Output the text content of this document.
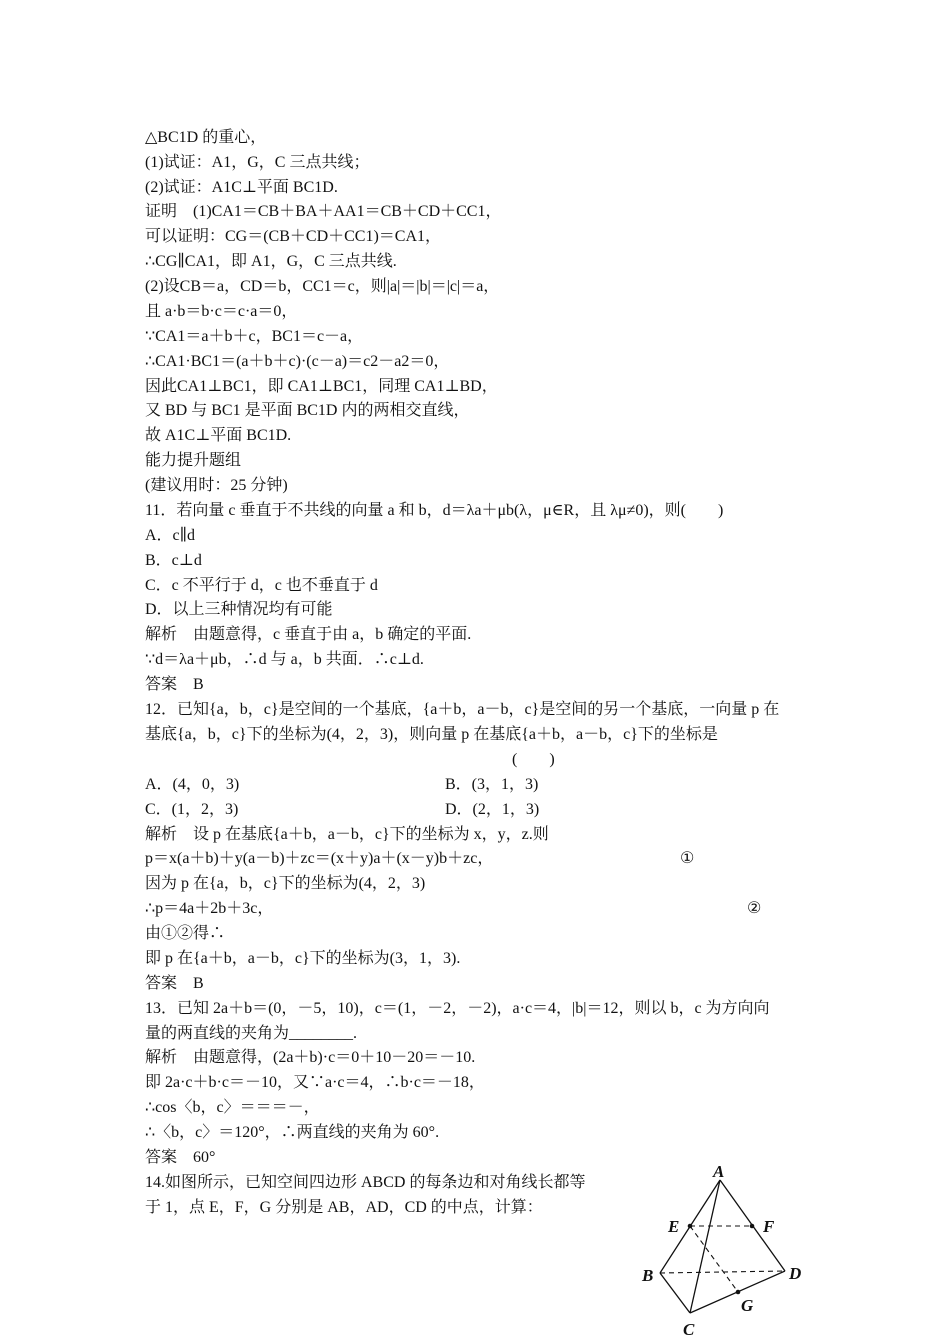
△BC1D 的重心，
(1)试证：A1，G，C 三点共线；
(2)试证：A1C⊥平面 BC1D.
证明　(1)CA1＝CB＋BA＋AA1＝CB＋CD＋CC1，
可以证明：CG＝(CB＋CD＋CC1)＝CA1，
∴CG∥CA1，即 A1，G，C 三点共线.
(2)设CB＝a，CD＝b，CC1＝c，则|a|＝|b|＝|c|＝a，
且 a·b＝b·c＝c·a＝0，
∵CA1＝a＋b＋c，BC1＝c－a，
∴CA1·BC1＝(a＋b＋c)·(c－a)＝c2－a2＝0，
因此CA1⊥BC1，即 CA1⊥BC1，同理 CA1⊥BD，
又 BD 与 BC1 是平面 BC1D 内的两相交直线，
故 A1C⊥平面 BC1D.
能力提升题组
(建议用时：25 分钟)
11．若向量 c 垂直于不共线的向量 a 和 b，d＝λa＋μb(λ，μ∈R，且 λμ≠0)，则(　　)
A．c∥d
B．c⊥d
C．c 不平行于 d，c 也不垂直于 d
D．以上三种情况均有可能
解析　由题意得，c 垂直于由 a，b 确定的平面.
∵d＝λa＋μb，∴d 与 a，b 共面．∴c⊥d.
答案　B
12．已知{a，b，c}是空间的一个基底，{a＋b，a－b，c}是空间的另一个基底，一向量 p 在
基底{a，b，c}下的坐标为(4，2，3)，则向量 p 在基底{a＋b，a－b，c}下的坐标是
(　　)
A．(4，0，3)	B．(3，1，3)
C．(1，2，3)	D．(2，1，3)
解析　设 p 在基底{a＋b，a－b，c}下的坐标为 x，y，z.则
p＝x(a＋b)＋y(a－b)＋zc＝(x＋y)a＋(x－y)b＋zc，	①
因为 p 在{a，b，c}下的坐标为(4，2，3)
∴p＝4a＋2b＋3c，	②
由①②得∴
即 p 在{a＋b，a－b，c}下的坐标为(3，1，3).
答案　B
13．已知 2a＋b＝(0，－5，10)，c＝(1，－2，－2)，a·c＝4，|b|＝12，则以 b，c 为方向向
量的两直线的夹角为________.
解析　由题意得，(2a＋b)·c＝0＋10－20＝－10.
即 2a·c＋b·c＝－10，又∵a·c＝4，∴b·c＝－18，
∴cos〈b，c〉＝＝＝－，
∴〈b，c〉＝120°，∴两直线的夹角为 60°.
答案　60°
14.如图所示，已知空间四边形 ABCD 的每条边和对角线长都等
于 1，点 E，F，G 分别是 AB，AD，CD 的中点，计算：
A
B
C
D
E	F
G
